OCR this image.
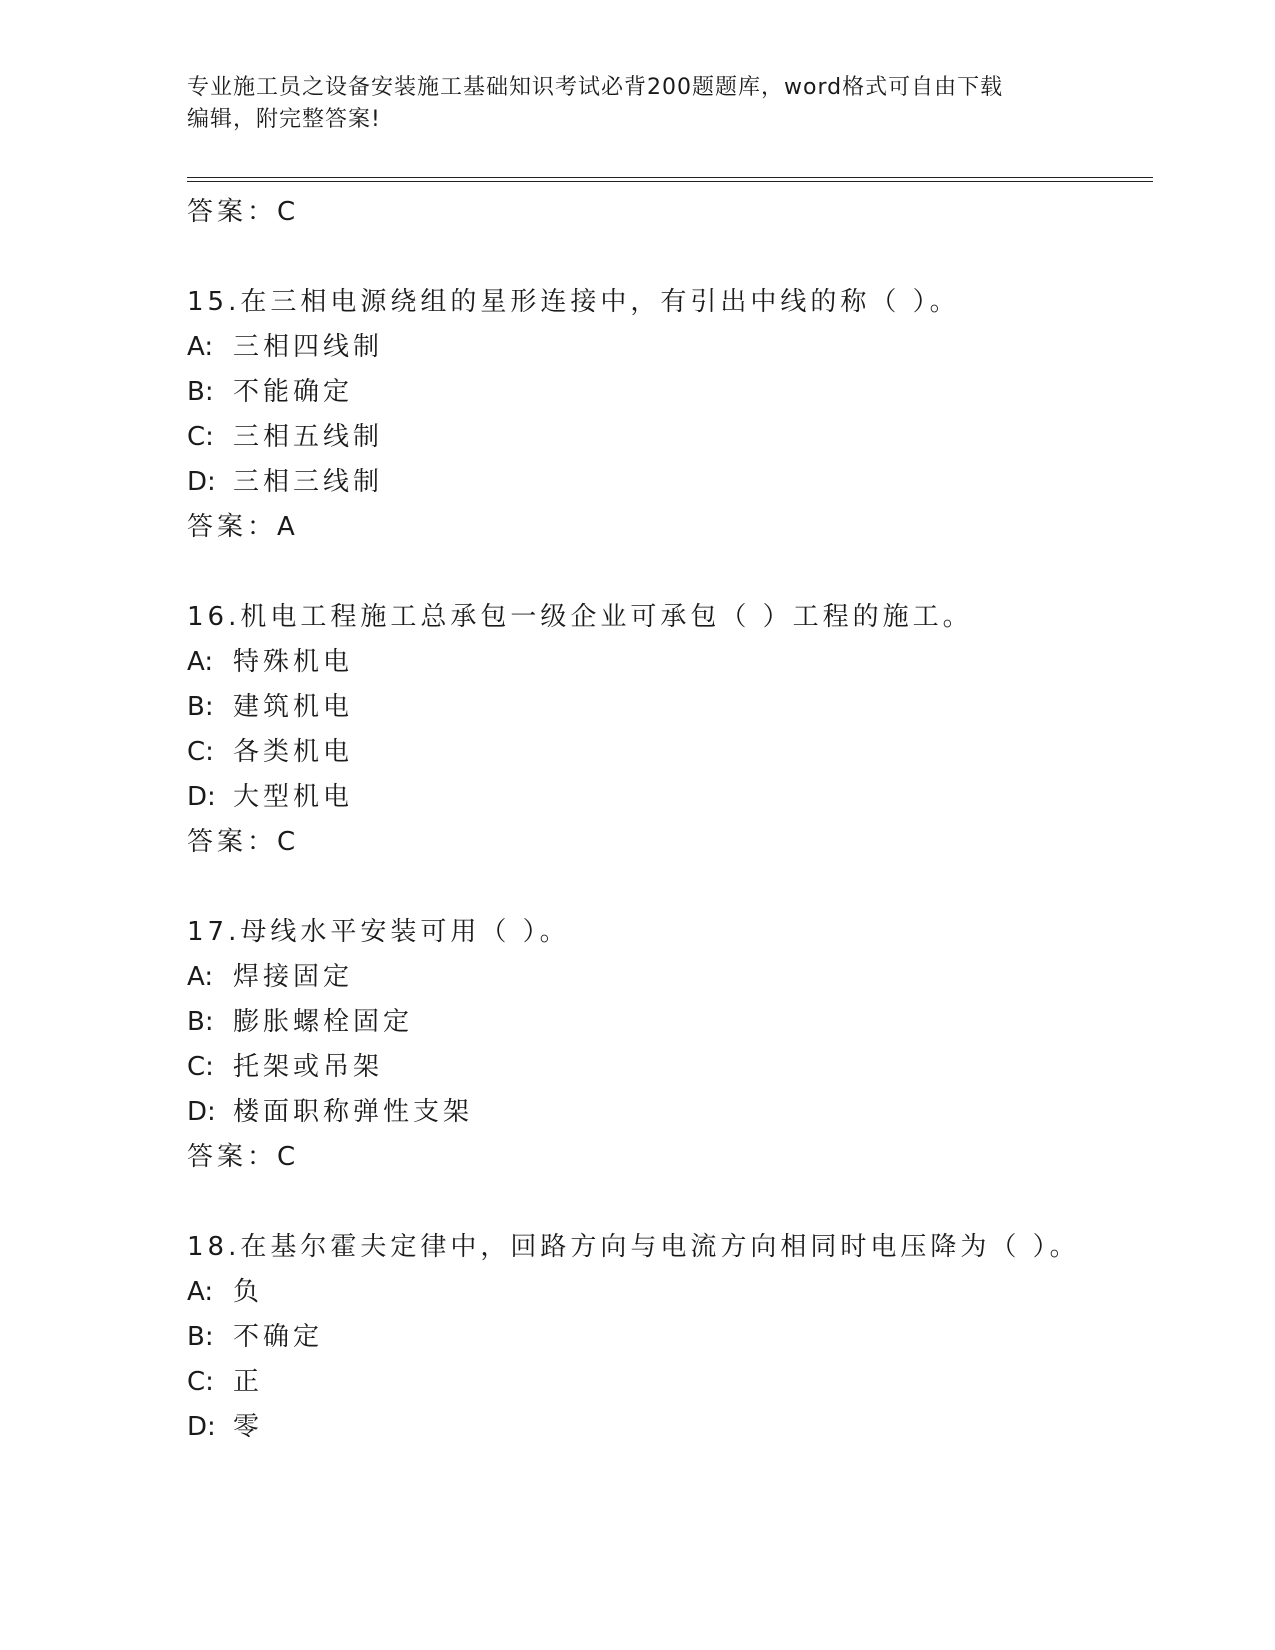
专业施工员之设备安装施工基础知识考试必背200题题库，word格式可自由下载
编辑，附完整答案!
答案：C
15.在三相电源绕组的星形连接中，有引出中线的称（ ）。
A: 三相四线制
B: 不能确定
C: 三相五线制
D: 三相三线制
答案：A
16.机电工程施工总承包一级企业可承包（ ）工程的施工。
A: 特殊机电
B: 建筑机电
C: 各类机电
D: 大型机电
答案：C
17.母线水平安装可用（ ）。
A: 焊接固定
B: 膨胀螺栓固定
C: 托架或吊架
D: 楼面职称弹性支架
答案：C
18.在基尔霍夫定律中，回路方向与电流方向相同时电压降为（ ）。
A: 负
B: 不确定
C: 正
D: 零
